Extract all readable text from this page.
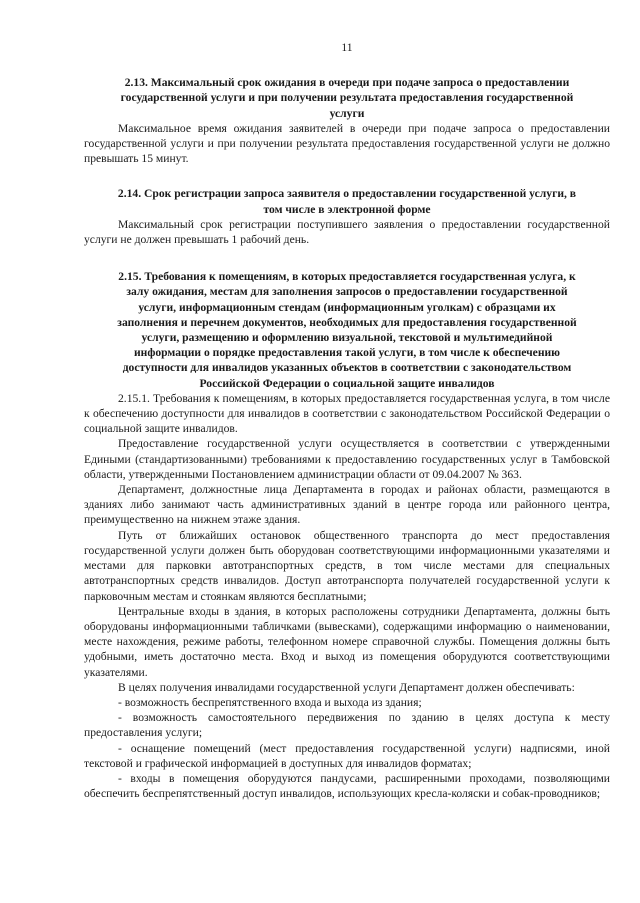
11
2.13. Максимальный срок ожидания в очереди при подаче запроса о предоставлении государственной услуги и при получении результата предоставления государственной услуги

Максимальное время ожидания заявителей в очереди при подаче запроса о предоставлении государственной услуги и при получении результата предоставления государственной услуги не должно превышать 15 минут.

2.14. Срок регистрации запроса заявителя о предоставлении государственной услуги, в том числе в электронной форме

Максимальный срок регистрации поступившего заявления о предоставлении государственной услуги не должен превышать 1 рабочий день.

2.15. Требования к помещениям, в которых предоставляется государственная услуга, к залу ожидания, местам для заполнения запросов о предоставлении государственной услуги, информационным стендам (информационным уголкам) с образцами их заполнения и перечнем документов, необходимых для предоставления государственной услуги, размещению и оформлению визуальной, текстовой и мультимедийной информации о порядке предоставления такой услуги, в том числе к обеспечению доступности для инвалидов указанных объектов в соответствии с законодательством Российской Федерации о социальной защите инвалидов

2.15.1. Требования к помещениям, в которых предоставляется государственная услуга, в том числе к обеспечению доступности для инвалидов в соответствии с законодательством Российской Федерации о социальной защите инвалидов.

Предоставление государственной услуги осуществляется в соответствии с утвержденными Едиными (стандартизованными) требованиями к предоставлению государственных услуг в Тамбовской области, утвержденными Постановлением администрации области от 09.04.2007 № 363.

Департамент, должностные лица Департамента в городах и районах области, размещаются в зданиях либо занимают часть административных зданий в центре города или районного центра, преимущественно на нижнем этаже здания.

Путь от ближайших остановок общественного транспорта до мест предоставления государственной услуги должен быть оборудован соответствующими информационными указателями и местами для парковки автотранспортных средств, в том числе местами для специальных автотранспортных средств инвалидов. Доступ автотранспорта получателей государственной услуги к парковочным местам и стоянкам являются бесплатными;

Центральные входы в здания, в которых расположены сотрудники Департамента, должны быть оборудованы информационными табличками (вывесками), содержащими информацию о наименовании, месте нахождения, режиме работы, телефонном номере справочной службы. Помещения должны быть удобными, иметь достаточно места. Вход и выход из помещения оборудуются соответствующими указателями.

В целях получения инвалидами государственной услуги Департамент должен обеспечивать:

- возможность беспрепятственного входа и выхода из здания;

- возможность самостоятельного передвижения по зданию в целях доступа к месту предоставления услуги;

- оснащение помещений (мест предоставления государственной услуги) надписями, иной текстовой и графической информацией в доступных для инвалидов форматах;

- входы в помещения оборудуются пандусами, расширенными проходами, позволяющими обеспечить беспрепятственный доступ инвалидов, использующих кресла-коляски и собак-проводников;
